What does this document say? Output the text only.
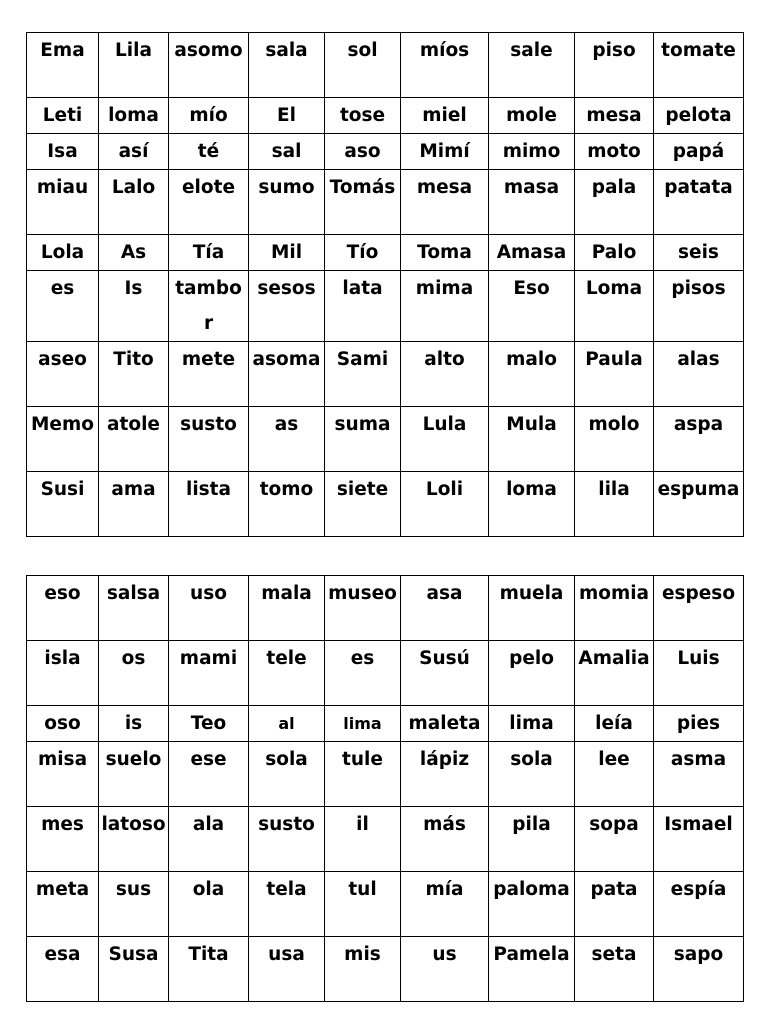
Ema	Lila	asomo	sala	sol	míos	sale	piso	tomate
Leti	loma	mío	El	tose	miel	mole	mesa	pelota
Isa	así	té	sal	aso	Mimí	mimo	moto	papá
miau	Lalo	elote	sumo	Tomás	mesa	masa	pala	patata
Lola	As	Tía	Mil	Tío	Toma	Amasa	Palo	seis
es	Is	tambor	sesos	lata	mima	Eso	Loma	pisos
aseo	Tito	mete	asoma	Sami	alto	malo	Paula	alas
Memo	atole	susto	as	suma	Lula	Mula	molo	aspa
Susi	ama	lista	tomo	siete	Loli	loma	lila	espuma
eso	salsa	uso	mala	museo	asa	muela	momia	espeso
isla	os	mami	tele	es	Susú	pelo	Amalia	Luis
oso	is	Teo	al	lima	maleta	lima	leía	pies
misa	suelo	ese	sola	tule	lápiz	sola	lee	asma
mes	latoso	ala	susto	il	más	pila	sopa	Ismael
meta	sus	ola	tela	tul	mía	paloma	pata	espía
esa	Susa	Tita	usa	mis	us	Pamela	seta	sapo
